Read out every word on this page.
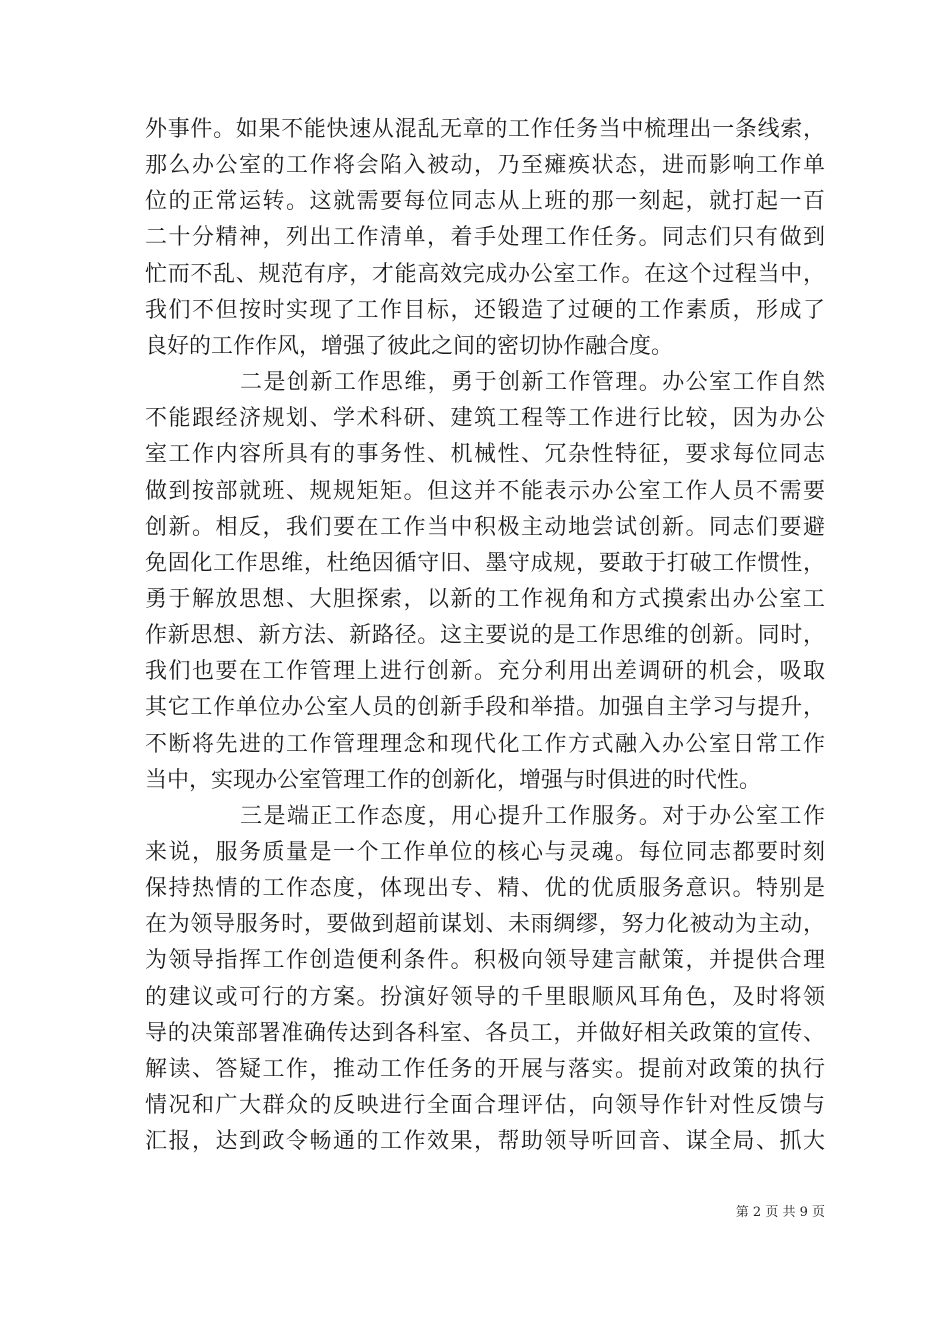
外事件。如果不能快速从混乱无章的工作任务当中梳理出一条线索，
那么办公室的工作将会陷入被动，乃至瘫痪状态，进而影响工作单
位的正常运转。这就需要每位同志从上班的那一刻起，就打起一百
二十分精神，列出工作清单，着手处理工作任务。同志们只有做到
忙而不乱、规范有序，才能高效完成办公室工作。在这个过程当中，
我们不但按时实现了工作目标，还锻造了过硬的工作素质，形成了
良好的工作作风，增强了彼此之间的密切协作融合度。
二是创新工作思维，勇于创新工作管理。办公室工作自然
不能跟经济规划、学术科研、建筑工程等工作进行比较，因为办公
室工作内容所具有的事务性、机械性、冗杂性特征，要求每位同志
做到按部就班、规规矩矩。但这并不能表示办公室工作人员不需要
创新。相反，我们要在工作当中积极主动地尝试创新。同志们要避
免固化工作思维，杜绝因循守旧、墨守成规，要敢于打破工作惯性，
勇于解放思想、大胆探索，以新的工作视角和方式摸索出办公室工
作新思想、新方法、新路径。这主要说的是工作思维的创新。同时，
我们也要在工作管理上进行创新。充分利用出差调研的机会，吸取
其它工作单位办公室人员的创新手段和举措。加强自主学习与提升，
不断将先进的工作管理理念和现代化工作方式融入办公室日常工作
当中，实现办公室管理工作的创新化，增强与时俱进的时代性。
三是端正工作态度，用心提升工作服务。对于办公室工作
来说，服务质量是一个工作单位的核心与灵魂。每位同志都要时刻
保持热情的工作态度，体现出专、精、优的优质服务意识。特别是
在为领导服务时，要做到超前谋划、未雨绸缪，努力化被动为主动，
为领导指挥工作创造便利条件。积极向领导建言献策，并提供合理
的建议或可行的方案。扮演好领导的千里眼顺风耳角色，及时将领
导的决策部署准确传达到各科室、各员工，并做好相关政策的宣传、
解读、答疑工作，推动工作任务的开展与落实。提前对政策的执行
情况和广大群众的反映进行全面合理评估，向领导作针对性反馈与
汇报，达到政令畅通的工作效果，帮助领导听回音、谋全局、抓大
第 2 页 共 9 页
